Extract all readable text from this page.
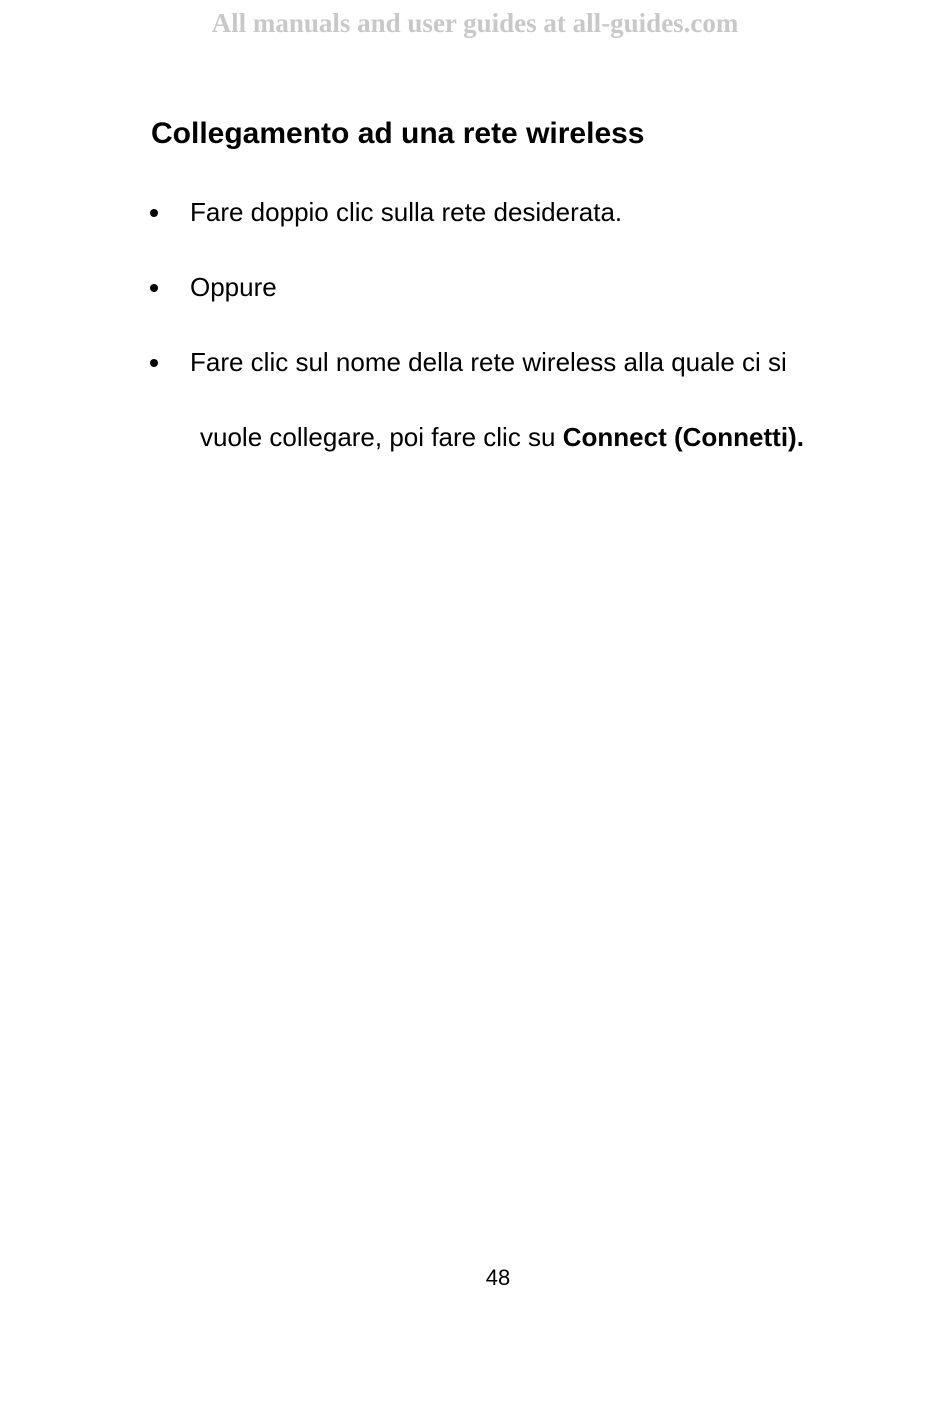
All manuals and user guides at all-guides.com
Collegamento ad una rete wireless
Fare doppio clic sulla rete desiderata.
Oppure
Fare clic sul nome della rete wireless alla quale ci si
vuole collegare, poi fare clic su Connect (Connetti).
48
